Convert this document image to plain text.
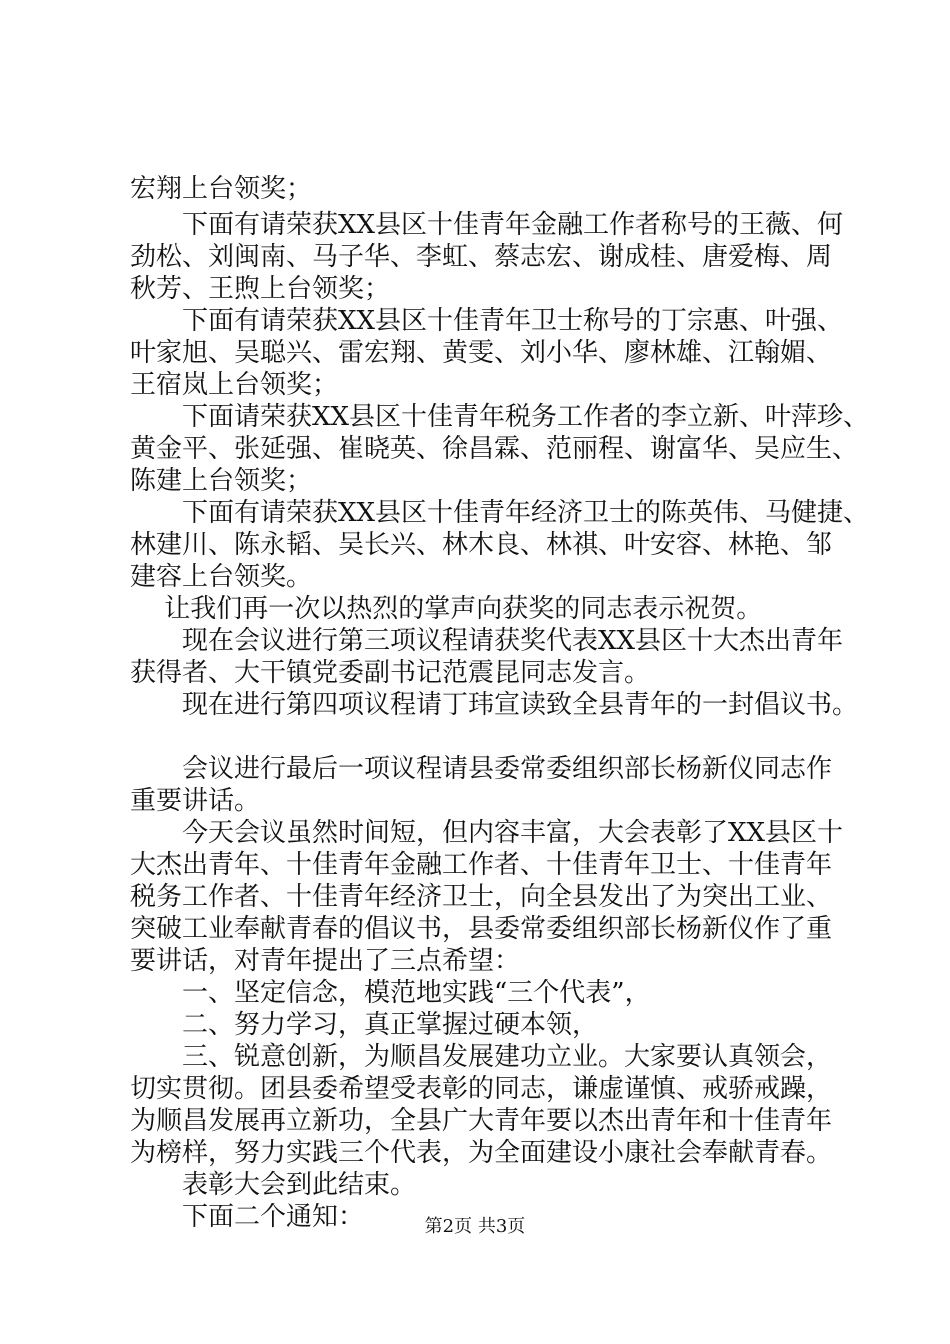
宏翔上台领奖；
　　下面有请荣获XX县区十佳青年金融工作者称号的王薇、何
劲松、刘闽南、马子华、李虹、蔡志宏、谢成桂、唐爱梅、周
秋芳、王煦上台领奖；
　　下面有请荣获XX县区十佳青年卫士称号的丁宗惠、叶强、
叶家旭、吴聪兴、雷宏翔、黄雯、刘小华、廖林雄、江翰媚、
王宿岚上台领奖；
　　下面请荣获XX县区十佳青年税务工作者的李立新、叶萍珍、
黄金平、张延强、崔晓英、徐昌霖、范丽程、谢富华、吴应生、
陈建上台领奖；
　　下面有请荣获XX县区十佳青年经济卫士的陈英伟、马健捷、
林建川、陈永韬、吴长兴、林木良、林祺、叶安容、林艳、邹
建容上台领奖。
　 让我们再一次以热烈的掌声向获奖的同志表示祝贺。
　　现在会议进行第三项议程请获奖代表XX县区十大杰出青年
获得者、大干镇党委副书记范震昆同志发言。
　　现在进行第四项议程请丁玮宣读致全县青年的一封倡议书。
　　会议进行最后一项议程请县委常委组织部长杨新仪同志作
重要讲话。
　　今天会议虽然时间短，但内容丰富，大会表彰了XX县区十
大杰出青年、十佳青年金融工作者、十佳青年卫士、十佳青年
税务工作者、十佳青年经济卫士，向全县发出了为突出工业、
突破工业奉献青春的倡议书，县委常委组织部长杨新仪作了重
要讲话，对青年提出了三点希望：
　　一、坚定信念，模范地实践“三个代表”，
　　二、努力学习，真正掌握过硬本领，
　　三、锐意创新，为顺昌发展建功立业。大家要认真领会，
切实贯彻。团县委希望受表彰的同志，谦虚谨慎、戒骄戒躁，
为顺昌发展再立新功，全县广大青年要以杰出青年和十佳青年
为榜样，努力实践三个代表，为全面建设小康社会奉献青春。
　　表彰大会到此结束。
　　下面二个通知：	第2页 共3页
